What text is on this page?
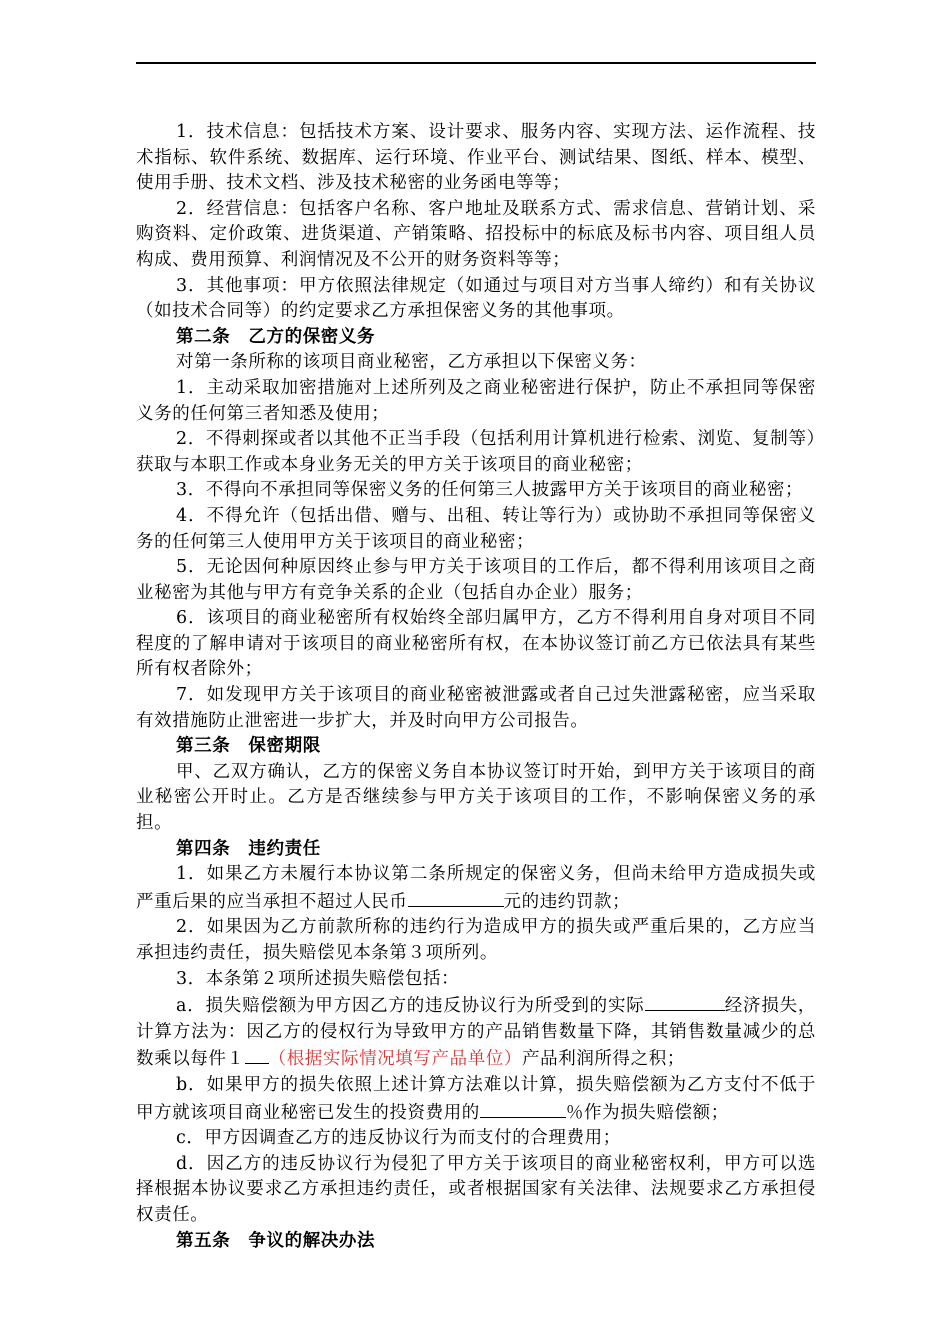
1．技术信息：包括技术方案、设计要求、服务内容、实现方法、运作流程、技术指标、软件系统、数据库、运行环境、作业平台、测试结果、图纸、样本、模型、使用手册、技术文档、涉及技术秘密的业务函电等等；

2．经营信息：包括客户名称、客户地址及联系方式、需求信息、营销计划、采购资料、定价政策、进货渠道、产销策略、招投标中的标底及标书内容、项目组人员构成、费用预算、利润情况及不公开的财务资料等等；

3．其他事项：甲方依照法律规定（如通过与项目对方当事人缔约）和有关协议（如技术合同等）的约定要求乙方承担保密义务的其他事项。

第二条　乙方的保密义务

对第一条所称的该项目商业秘密，乙方承担以下保密义务：

1．主动采取加密措施对上述所列及之商业秘密进行保护，防止不承担同等保密义务的任何第三者知悉及使用；

2．不得刺探或者以其他不正当手段（包括利用计算机进行检索、浏览、复制等）获取与本职工作或本身业务无关的甲方关于该项目的商业秘密；

3．不得向不承担同等保密义务的任何第三人披露甲方关于该项目的商业秘密；

4．不得允许（包括出借、赠与、出租、转让等行为）或协助不承担同等保密义务的任何第三人使用甲方关于该项目的商业秘密；

5．无论因何种原因终止参与甲方关于该项目的工作后，都不得利用该项目之商业秘密为其他与甲方有竞争关系的企业（包括自办企业）服务；

6．该项目的商业秘密所有权始终全部归属甲方，乙方不得利用自身对项目不同程度的了解申请对于该项目的商业秘密所有权，在本协议签订前乙方已依法具有某些所有权者除外；

7．如发现甲方关于该项目的商业秘密被泄露或者自己过失泄露秘密，应当采取有效措施防止泄密进一步扩大，并及时向甲方公司报告。

第三条　保密期限

甲、乙双方确认，乙方的保密义务自本协议签订时开始，到甲方关于该项目的商业秘密公开时止。乙方是否继续参与甲方关于该项目的工作，不影响保密义务的承担。

第四条　违约责任

1．如果乙方未履行本协议第二条所规定的保密义务，但尚未给甲方造成损失或严重后果的应当承担不超过人民币	元的违约罚款；

2．如果因为乙方前款所称的违约行为造成甲方的损失或严重后果的，乙方应当承担违约责任，损失赔偿见本条第３项所列。

3．本条第２项所述损失赔偿包括：

a．损失赔偿额为甲方因乙方的违反协议行为所受到的实际	经济损失，计算方法为：因乙方的侵权行为导致甲方的产品销售数量下降，其销售数量减少的总数乘以每件１ （根据实际情况填写产品单位）产品利润所得之积；

b．如果甲方的损失依照上述计算方法难以计算，损失赔偿额为乙方支付不低于甲方就该项目商业秘密已发生的投资费用的	％作为损失赔偿额；

c．甲方因调查乙方的违反协议行为而支付的合理费用；

d．因乙方的违反协议行为侵犯了甲方关于该项目的商业秘密权利，甲方可以选择根据本协议要求乙方承担违约责任，或者根据国家有关法律、法规要求乙方承担侵权责任。

第五条　争议的解决办法
